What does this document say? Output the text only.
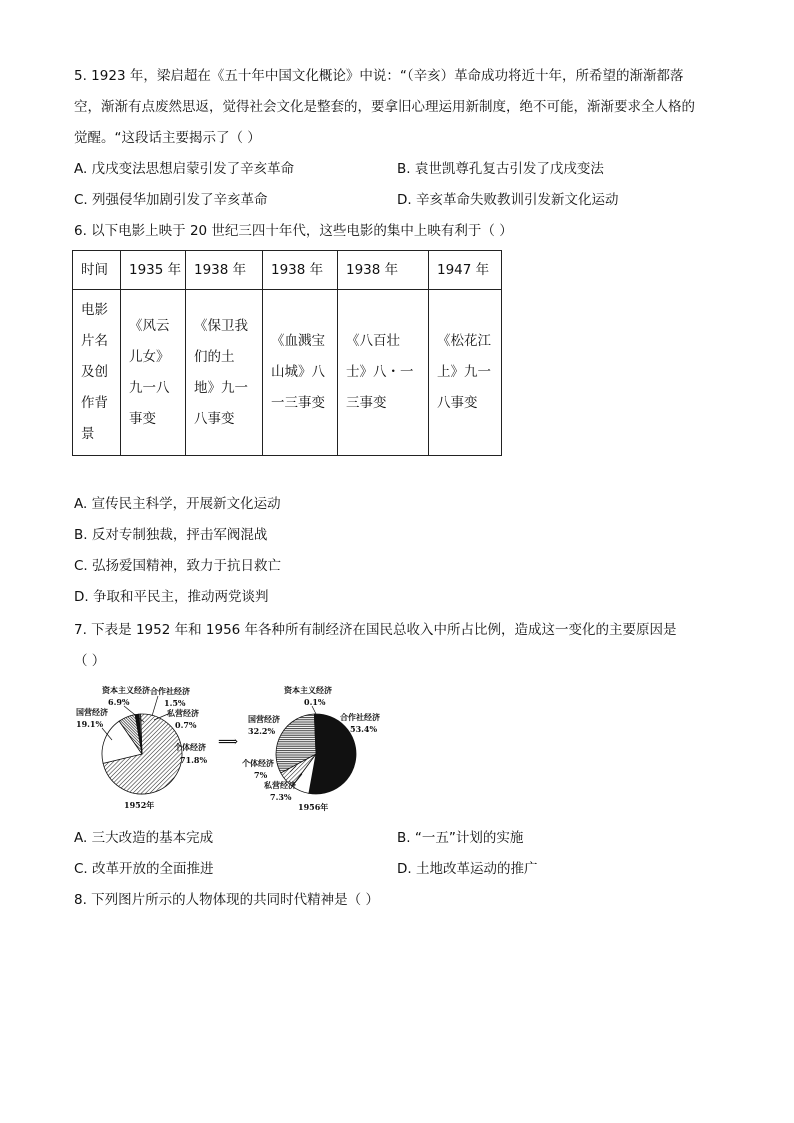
5. 1923 年，梁启超在《五十年中国文化概论》中说：“（辛亥）革命成功将近十年，所希望的渐渐都落
空，渐渐有点废然思返，觉得社会文化是整套的，要拿旧心理运用新制度，绝不可能，渐渐要求全人格的
觉醒。“这段话主要揭示了（ ）
A. 戊戌变法思想启蒙引发了辛亥革命	B. 袁世凯尊孔复古引发了戊戌变法
C. 列强侵华加剧引发了辛亥革命	D. 辛亥革命失败教训引发新文化运动
6. 以下电影上映于 20 世纪三四十年代，这些电影的集中上映有利于（ ）
时间	1935 年	1938 年	1938 年	1938 年	1947 年

电影片名及创作背景	《风云儿女》九一八事变	《保卫我们的土地》九一八事变	《血溅宝山城》八一三事变	《八百壮士》八・一三事变	《松花江上》九一八事变
A. 宣传民主科学，开展新文化运动
B. 反对专制独裁，抨击军阀混战
C. 弘扬爱国精神，致力于抗日救亡
D. 争取和平民主，推动两党谈判
7. 下表是 1952 年和 1956 年各种所有制经济在国民总收入中所占比例，造成这一变化的主要原因是
（ ）
资本主义经济
6.9%
合作社经济
1.5%
私营经济
0.7%
国营经济
19.1%
个体经济
71.8%
1952年
⟹
资本主义经济
0.1%
合作社经济
53.4%
国营经济
32.2%
个体经济
7%
私营经济
7.3%
1956年
A. 三大改造的基本完成	B. “一五”计划的实施
C. 改革开放的全面推进	D. 土地改革运动的推广
8. 下列图片所示的人物体现的共同时代精神是（ ）
